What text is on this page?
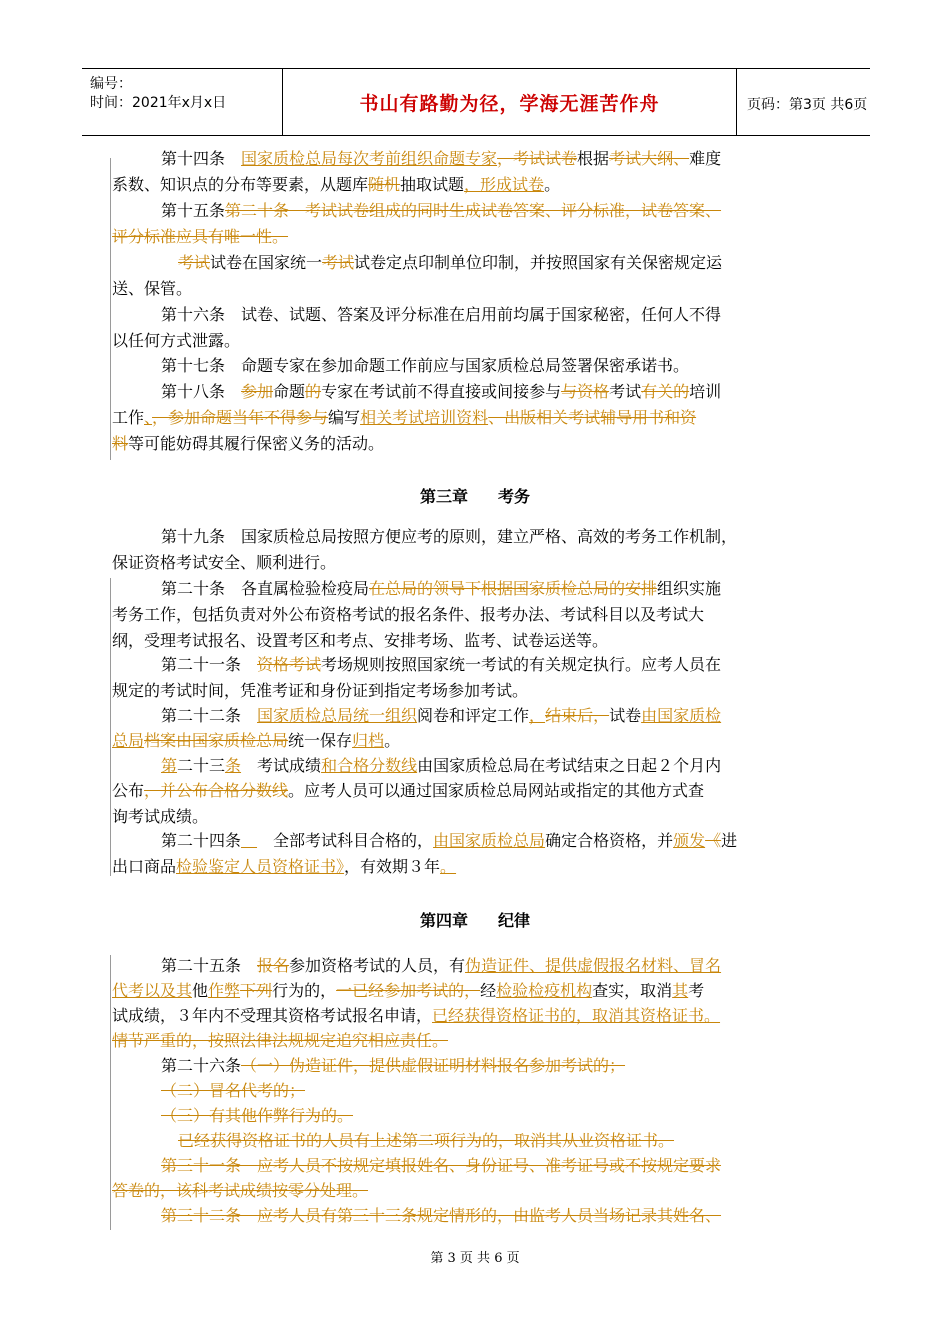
编号：
时间：2021年x月x日	书山有路勤为径，学海无涯苦作舟	页码：第3页 共6页
第十四条　国家质检总局每次考前组织命题专家，考试试卷根据考试大纲、难度
系数、知识点的分布等要素，从题库随机抽取试题，形成试卷。
第十五条第二十条　考试试卷组成的同时生成试卷答案、评分标准，试卷答案、
评分标准应具有唯一性。
考试试卷在国家统一考试试卷定点印制单位印制，并按照国家有关保密规定运
送、保管。
第十六条　试卷、试题、答案及评分标准在启用前均属于国家秘密，任何人不得
以任何方式泄露。
第十七条　命题专家在参加命题工作前应与国家质检总局签署保密承诺书。
第十八条　参加命题的专家在考试前不得直接或间接参与与资格考试有关的培训
工作、，参加命题当年不得参与编写相关考试培训资料、出版相关考试辅导用书和资
料等可能妨碍其履行保密义务的活动。
第十九条　国家质检总局按照方便应考的原则，建立严格、高效的考务工作机制，
保证资格考试安全、顺利进行。
第二十条　各直属检验检疫局在总局的领导下根据国家质检总局的安排组织实施
考务工作，包括负责对外公布资格考试的报名条件、报考办法、考试科目以及考试大
纲，受理考试报名、设置考区和考点、安排考场、监考、试卷运送等。
第二十一条　资格考试考场规则按照国家统一考试的有关规定执行。应考人员在
规定的考试时间，凭准考证和身份证到指定考场参加考试。
第二十二条　国家质检总局统一组织阅卷和评定工作，结束后，试卷由国家质检
总局档案由国家质检总局统一保存归档。
第二十三条　考试成绩和合格分数线由国家质检总局在考试结束之日起２个月内
公布，并公布合格分数线。应考人员可以通过国家质检总局网站或指定的其他方式查
询考试成绩。
第二十四条　　全部考试科目合格的，由国家质检总局确定合格资格，并颁发《进
出口商品检验鉴定人员资格证书》，有效期３年。
第二十五条　报名参加资格考试的人员，有伪造证件、提供虚假报名材料、冒名
代考以及其他作弊下列行为的，一已经参加考试的，经检验检疫机构查实，取消其考
试成绩，３年内不受理其资格考试报名申请，已经获得资格证书的，取消其资格证书。
情节严重的，按照法律法规规定追究相应责任。
第二十六条（一）伪造证件，提供虚假证明材料报名参加考试的；
（二）冒名代考的；
（三）有其他作弊行为的。
已经获得资格证书的人员有上述第二项行为的，取消其从业资格证书。
第三十一条　应考人员不按规定填报姓名、身份证号、准考证号或不按规定要求
答卷的，该科考试成绩按零分处理。
第三十二条　应考人员有第三十三条规定情形的，由监考人员当场记录其姓名、
第三章 考务
第四章 纪律
第 3 页 共 6 页
